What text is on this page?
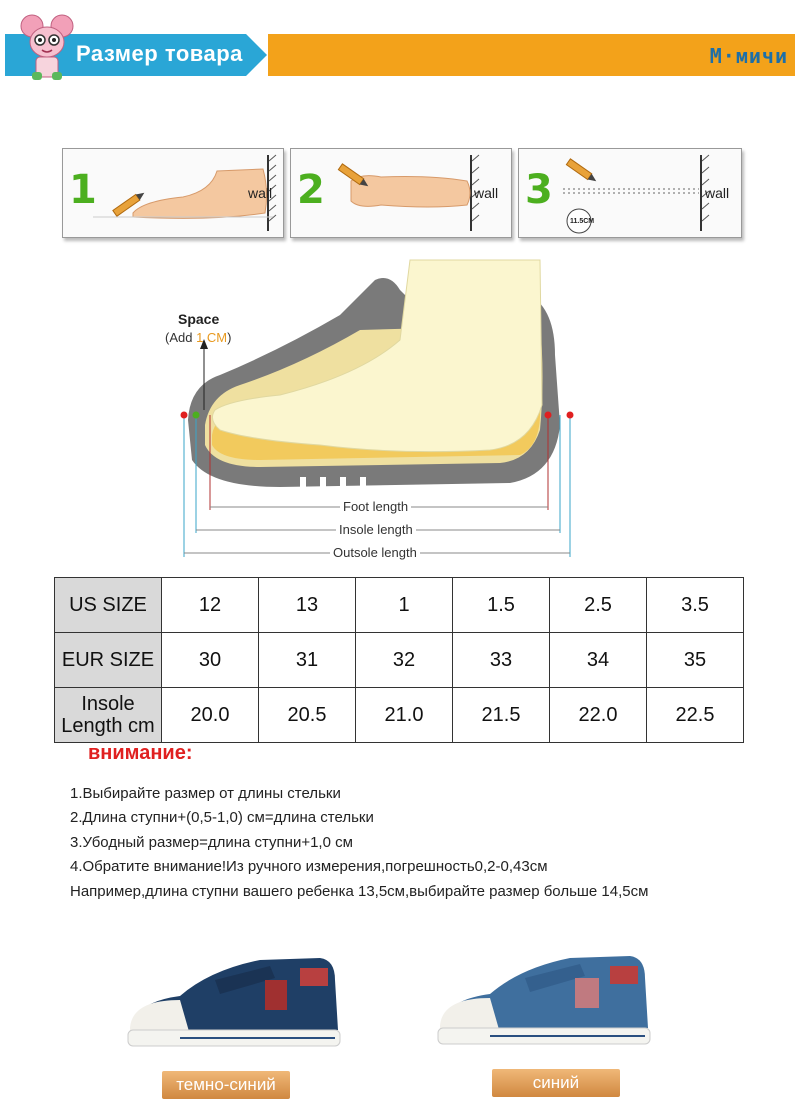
Размер товара	М·мичи
1	wall 2	wall 3
11.5CM
wall
Space
(Add 1 CM)
Foot length
Insole length
Outsole length
US SIZE	12	13	1	1.5	2.5	3.5
EUR SIZE	30	31	32	33	34	35
Insole
Length cm	20.0	20.5	21.0	21.5	22.0	22.5
внимание:
1.Выбирайте размер от длины стельки
2.Длина ступни+(0,5-1,0) см=длина стельки
3.Убодный размер=длина ступни+1,0 см
4.Обратите внимание!Из ручного измерения,погрешность0,2-0,43см
Например,длина ступни вашего ребенка 13,5см,выбирайте размер больше 14,5см
темно-синий	синий
